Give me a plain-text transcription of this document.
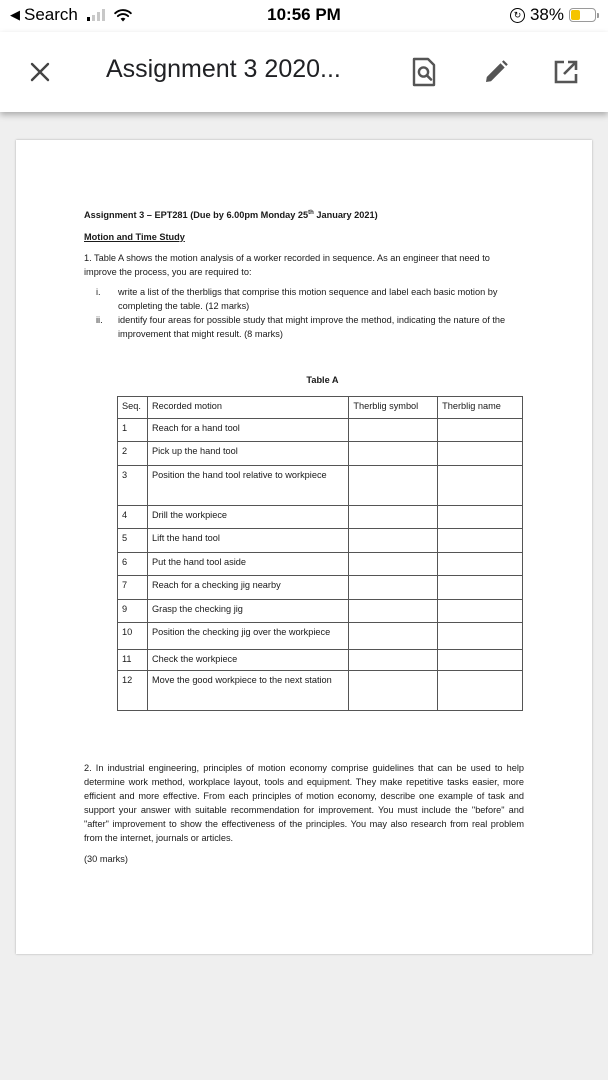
◀ Search	10:56 PM	↻ 38%
Assignment 3 2020...
Assignment 3 – EPT281 (Due by 6.00pm Monday 25th January 2021)
Motion and Time Study
1. Table A shows the motion analysis of a worker recorded in sequence. As an engineer that need to improve the process, you are required to:
i.	write a list of the therbligs that comprise this motion sequence and label each basic motion by completing the table. (12 marks)
ii.	identify four areas for possible study that might improve the method, indicating the nature of the improvement that might result. (8 marks)
Table A
Seq.	Recorded motion	Therblig symbol	Therblig name
1	Reach for a hand tool		
2	Pick up the hand tool		
3	Position the hand tool relative to workpiece		
4	Drill the workpiece		
5	Lift the hand tool		
6	Put the hand tool aside		
7	Reach for a checking jig nearby		
9	Grasp the checking jig		
10	Position the checking jig over the workpiece		
11	Check the workpiece		
12	Move the good workpiece to the next station		
2. In industrial engineering, principles of motion economy comprise guidelines that can be used to help determine work method, workplace layout, tools and equipment. They make repetitive tasks easier, more efficient and more effective. From each principles of motion economy, describe one example of task and support your answer with suitable recommendation for improvement. You must include the "before" and "after" improvement to show the effectiveness of the principles. You may also research from real problem from the internet, journals or articles.
(30 marks)
